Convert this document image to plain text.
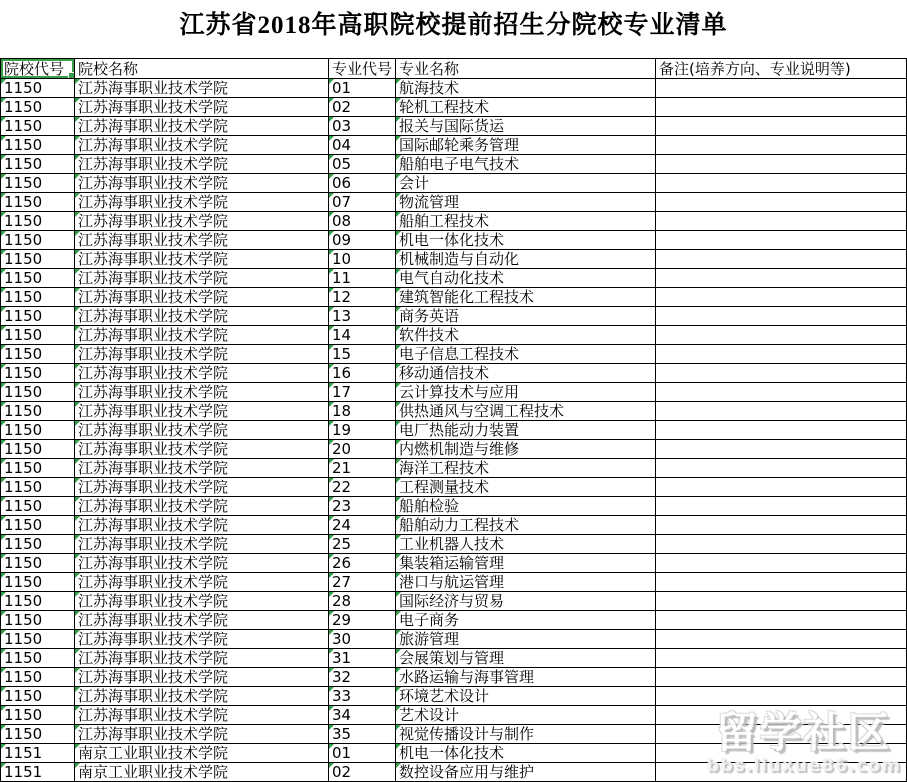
江苏省2018年高职院校提前招生分院校专业清单
院校代号	院校名称	专业代号	专业名称	备注(培养方向、专业说明等)

1150	江苏海事职业技术学院	01	航海技术	

1150	江苏海事职业技术学院	02	轮机工程技术	

1150	江苏海事职业技术学院	03	报关与国际货运	

1150	江苏海事职业技术学院	04	国际邮轮乘务管理	

1150	江苏海事职业技术学院	05	船舶电子电气技术	

1150	江苏海事职业技术学院	06	会计	

1150	江苏海事职业技术学院	07	物流管理	

1150	江苏海事职业技术学院	08	船舶工程技术	

1150	江苏海事职业技术学院	09	机电一体化技术	

1150	江苏海事职业技术学院	10	机械制造与自动化	

1150	江苏海事职业技术学院	11	电气自动化技术	

1150	江苏海事职业技术学院	12	建筑智能化工程技术	

1150	江苏海事职业技术学院	13	商务英语	

1150	江苏海事职业技术学院	14	软件技术	

1150	江苏海事职业技术学院	15	电子信息工程技术	

1150	江苏海事职业技术学院	16	移动通信技术	

1150	江苏海事职业技术学院	17	云计算技术与应用	

1150	江苏海事职业技术学院	18	供热通风与空调工程技术	

1150	江苏海事职业技术学院	19	电厂热能动力装置	

1150	江苏海事职业技术学院	20	内燃机制造与维修	

1150	江苏海事职业技术学院	21	海洋工程技术	

1150	江苏海事职业技术学院	22	工程测量技术	

1150	江苏海事职业技术学院	23	船舶检验	

1150	江苏海事职业技术学院	24	船舶动力工程技术	

1150	江苏海事职业技术学院	25	工业机器人技术	

1150	江苏海事职业技术学院	26	集装箱运输管理	

1150	江苏海事职业技术学院	27	港口与航运管理	

1150	江苏海事职业技术学院	28	国际经济与贸易	

1150	江苏海事职业技术学院	29	电子商务	

1150	江苏海事职业技术学院	30	旅游管理	

1150	江苏海事职业技术学院	31	会展策划与管理	

1150	江苏海事职业技术学院	32	水路运输与海事管理	

1150	江苏海事职业技术学院	33	环境艺术设计	

1150	江苏海事职业技术学院	34	艺术设计	

1150	江苏海事职业技术学院	35	视觉传播设计与制作	

1151	南京工业职业技术学院	01	机电一体化技术	

1151	南京工业职业技术学院	02	数控设备应用与维护	
留学社区
bbs.liuxue86.com
